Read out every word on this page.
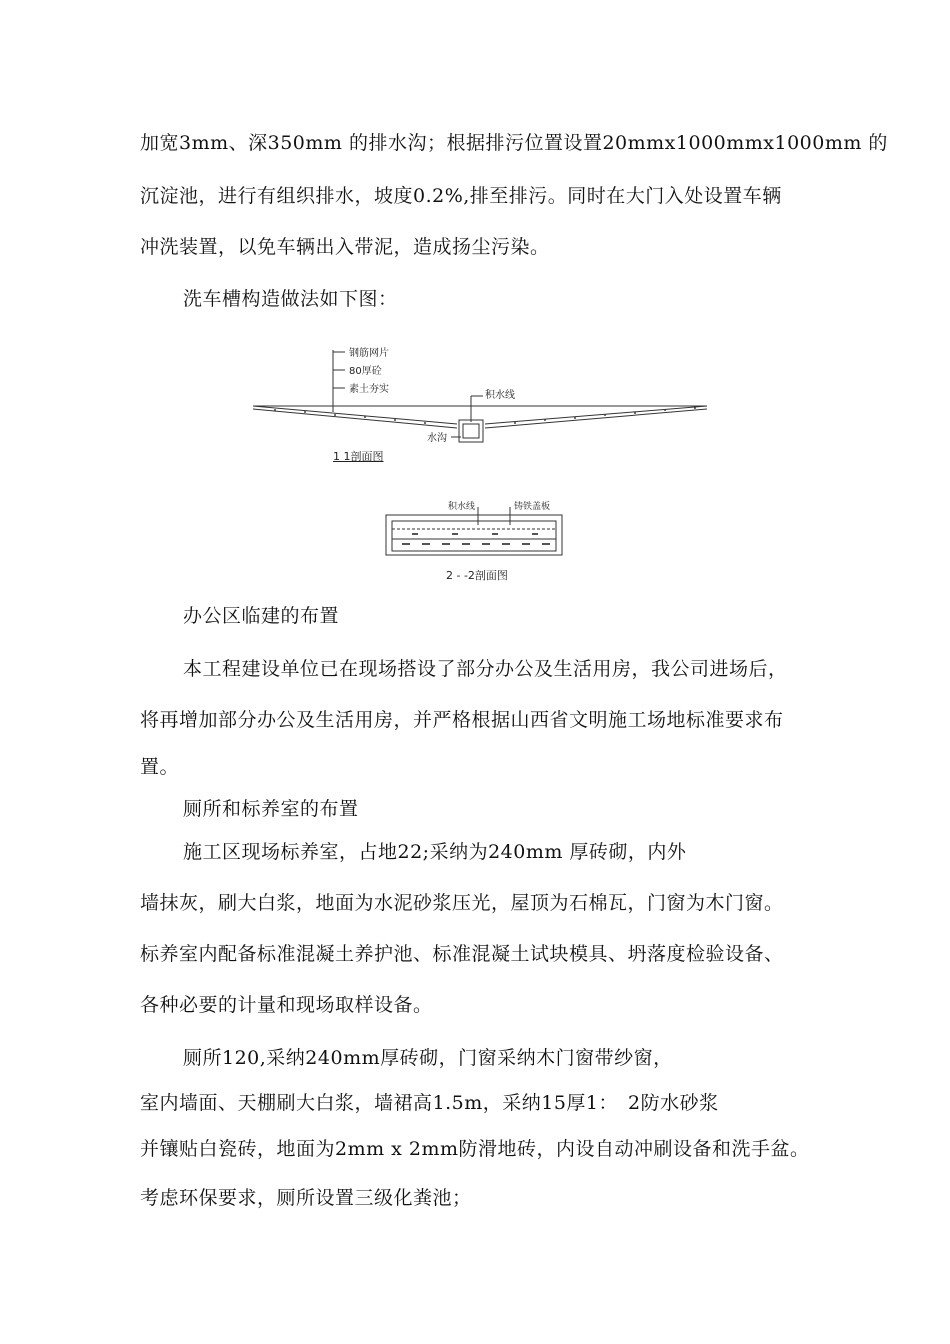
加宽3mm、深350mm 的排水沟；根据排污位置设置20mmx1000mmx1000mm 的
沉淀池，进行有组织排水，坡度0.2%,排至排污。同时在大门入处设置车辆
冲洗装置，以免车辆出入带泥，造成扬尘污染。
洗车槽构造做法如下图：
钢筋网片
80厚砼
素土夯实
积水线
水沟
1 1剖面图
积水线	铸铁盖板
2 - -2剖面图
办公区临建的布置
本工程建设单位已在现场搭设了部分办公及生活用房，我公司进场后，
将再增加部分办公及生活用房，并严格根据山西省文明施工场地标准要求布
置。
厕所和标养室的布置
施工区现场标养室，占地22;采纳为240mm 厚砖砌，内外
墙抹灰，刷大白浆，地面为水泥砂浆压光，屋顶为石棉瓦，门窗为木门窗。
标养室内配备标准混凝土养护池、标准混凝土试块模具、坍落度检验设备、
各种必要的计量和现场取样设备。
厕所120,采纳240mm厚砖砌，门窗采纳木门窗带纱窗，
室内墙面、天棚刷大白浆，墙裙高1.5m，采纳15厚1：　2防水砂浆
并镶贴白瓷砖，地面为2mm x 2mm防滑地砖，内设自动冲刷设备和洗手盆。
考虑环保要求，厕所设置三级化粪池；
